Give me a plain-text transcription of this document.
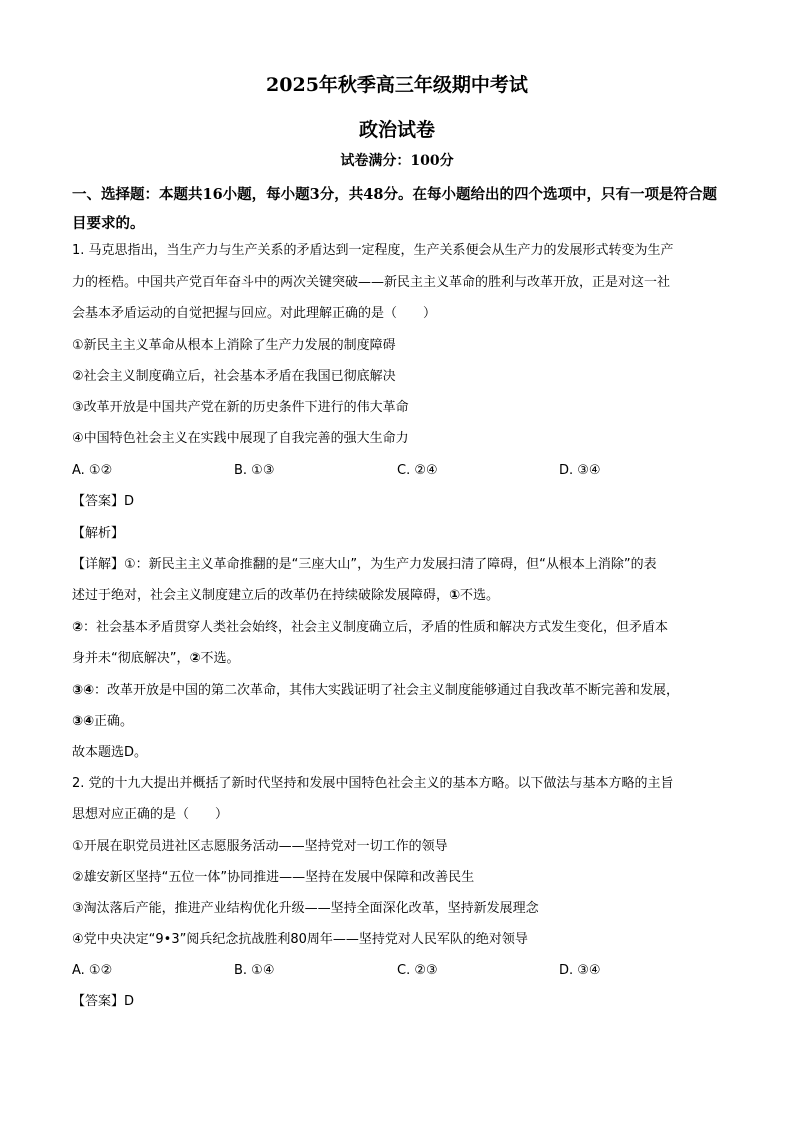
2025年秋季高三年级期中考试
政治试卷
试卷满分：100分
一、选择题：本题共16小题，每小题3分，共48分。在每小题给出的四个选项中，只有一项是符合题目要求的。
1. 马克思指出，当生产力与生产关系的矛盾达到一定程度，生产关系便会从生产力的发展形式转变为生产
力的桎梏。中国共产党百年奋斗中的两次关键突破——新民主主义革命的胜利与改革开放，正是对这一社
会基本矛盾运动的自觉把握与回应。对此理解正确的是（　　）
①新民主主义革命从根本上消除了生产力发展的制度障碍
②社会主义制度确立后，社会基本矛盾在我国已彻底解决
③改革开放是中国共产党在新的历史条件下进行的伟大革命
④中国特色社会主义在实践中展现了自我完善的强大生命力
A. ①②	B. ①③	C. ②④	D. ③④
【答案】D
【解析】
【详解】①：新民主主义革命推翻的是“三座大山”，为生产力发展扫清了障碍，但“从根本上消除”的表
述过于绝对，社会主义制度建立后的改革仍在持续破除发展障碍，①不选。
②：社会基本矛盾贯穿人类社会始终，社会主义制度确立后，矛盾的性质和解决方式发生变化，但矛盾本
身并未“彻底解决”，②不选。
③④：改革开放是中国的第二次革命，其伟大实践证明了社会主义制度能够通过自我改革不断完善和发展，
③④正确。
故本题选D。
2. 党的十九大提出并概括了新时代坚持和发展中国特色社会主义的基本方略。以下做法与基本方略的主旨
思想对应正确的是（　　）
①开展在职党员进社区志愿服务活动——坚持党对一切工作的领导
②雄安新区坚持“五位一体”协同推进——坚持在发展中保障和改善民生
③淘汰落后产能，推进产业结构优化升级——坚持全面深化改革，坚持新发展理念
④党中央决定“9•3”阅兵纪念抗战胜利80周年——坚持党对人民军队的绝对领导
A. ①②	B. ①④	C. ②③	D. ③④
【答案】D
